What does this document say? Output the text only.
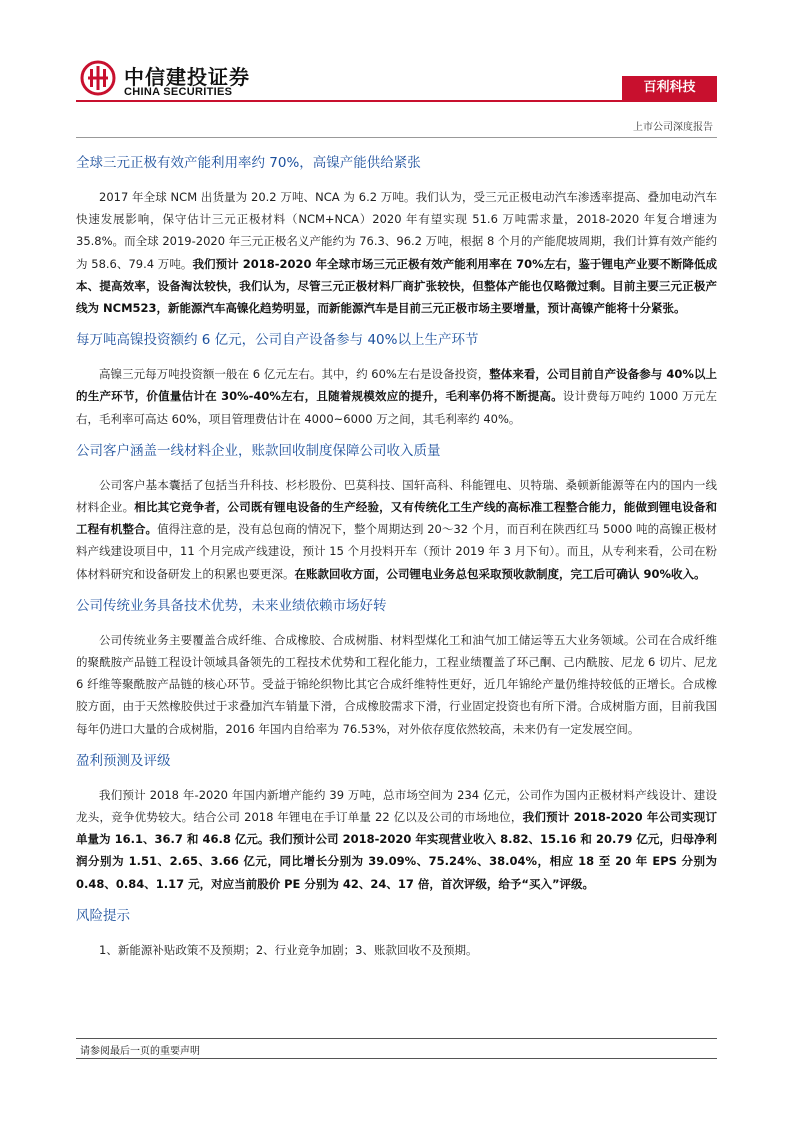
中信建投证券
CHINA SECURITIES	百利科技
上市公司深度报告
全球三元正极有效产能利用率约 70%，高镍产能供给紧张

2017 年全球 NCM 出货量为 20.2 万吨、NCA 为 6.2 万吨。我们认为，受三元正极电动汽车渗透率提高、叠加电动汽车快速发展影响，保守估计三元正极材料（NCM+NCA）2020 年有望实现 51.6 万吨需求量，2018-2020 年复合增速为 35.8%。而全球 2019-2020 年三元正极名义产能约为 76.3、96.2 万吨，根据 8 个月的产能爬坡周期，我们计算有效产能约为 58.6、79.4 万吨。我们预计 2018-2020 年全球市场三元正极有效产能利用率在 70%左右，鉴于锂电产业要不断降低成本、提高效率，设备淘汰较快，我们认为，尽管三元正极材料厂商扩张较快，但整体产能也仅略微过剩。目前主要三元正极产线为 NCM523，新能源汽车高镍化趋势明显，而新能源汽车是目前三元正极市场主要增量，预计高镍产能将十分紧张。

每万吨高镍投资额约 6 亿元，公司自产设备参与 40%以上生产环节

高镍三元每万吨投资额一般在 6 亿元左右。其中，约 60%左右是设备投资，整体来看，公司目前自产设备参与 40%以上的生产环节，价值量估计在 30%-40%左右，且随着规模效应的提升，毛利率仍将不断提高。设计费每万吨约 1000 万元左右，毛利率可高达 60%，项目管理费估计在 4000~6000 万之间，其毛利率约 40%。

公司客户涵盖一线材料企业，账款回收制度保障公司收入质量

公司客户基本囊括了包括当升科技、杉杉股份、巴莫科技、国轩高科、科能锂电、贝特瑞、桑顿新能源等在内的国内一线材料企业。相比其它竞争者，公司既有锂电设备的生产经验，又有传统化工生产线的高标准工程整合能力，能做到锂电设备和工程有机整合。值得注意的是，没有总包商的情况下，整个周期达到 20～32 个月，而百利在陕西红马 5000 吨的高镍正极材料产线建设项目中，11 个月完成产线建设，预计 15 个月投料开车（预计 2019 年 3 月下旬）。而且，从专利来看，公司在粉体材料研究和设备研发上的积累也要更深。在账款回收方面，公司锂电业务总包采取预收款制度，完工后可确认 90%收入。

公司传统业务具备技术优势，未来业绩依赖市场好转

公司传统业务主要覆盖合成纤维、合成橡胶、合成树脂、材料型煤化工和油气加工储运等五大业务领域。公司在合成纤维的聚酰胺产品链工程设计领域具备领先的工程技术优势和工程化能力，工程业绩覆盖了环己酮、己内酰胺、尼龙 6 切片、尼龙 6 纤维等聚酰胺产品链的核心环节。受益于锦纶织物比其它合成纤维特性更好，近几年锦纶产量仍维持较低的正增长。合成橡胶方面，由于天然橡胶供过于求叠加汽车销量下滑，合成橡胶需求下滑，行业固定投资也有所下滑。合成树脂方面，目前我国每年仍进口大量的合成树脂，2016 年国内自给率为 76.53%，对外依存度依然较高，未来仍有一定发展空间。

盈利预测及评级

我们预计 2018 年-2020 年国内新增产能约 39 万吨，总市场空间为 234 亿元，公司作为国内正极材料产线设计、建设龙头，竞争优势较大。结合公司 2018 年锂电在手订单量 22 亿以及公司的市场地位，我们预计 2018-2020 年公司实现订单量为 16.1、36.7 和 46.8 亿元。我们预计公司 2018-2020 年实现营业收入 8.82、15.16 和 20.79 亿元，归母净利润分别为 1.51、2.65、3.66 亿元，同比增长分别为 39.09%、75.24%、38.04%，相应 18 至 20 年 EPS 分别为 0.48、0.84、1.17 元，对应当前股价 PE 分别为 42、24、17 倍，首次评级，给予“买入”评级。

风险提示

1、新能源补贴政策不及预期；2、行业竞争加剧；3、账款回收不及预期。

请参阅最后一页的重要声明
